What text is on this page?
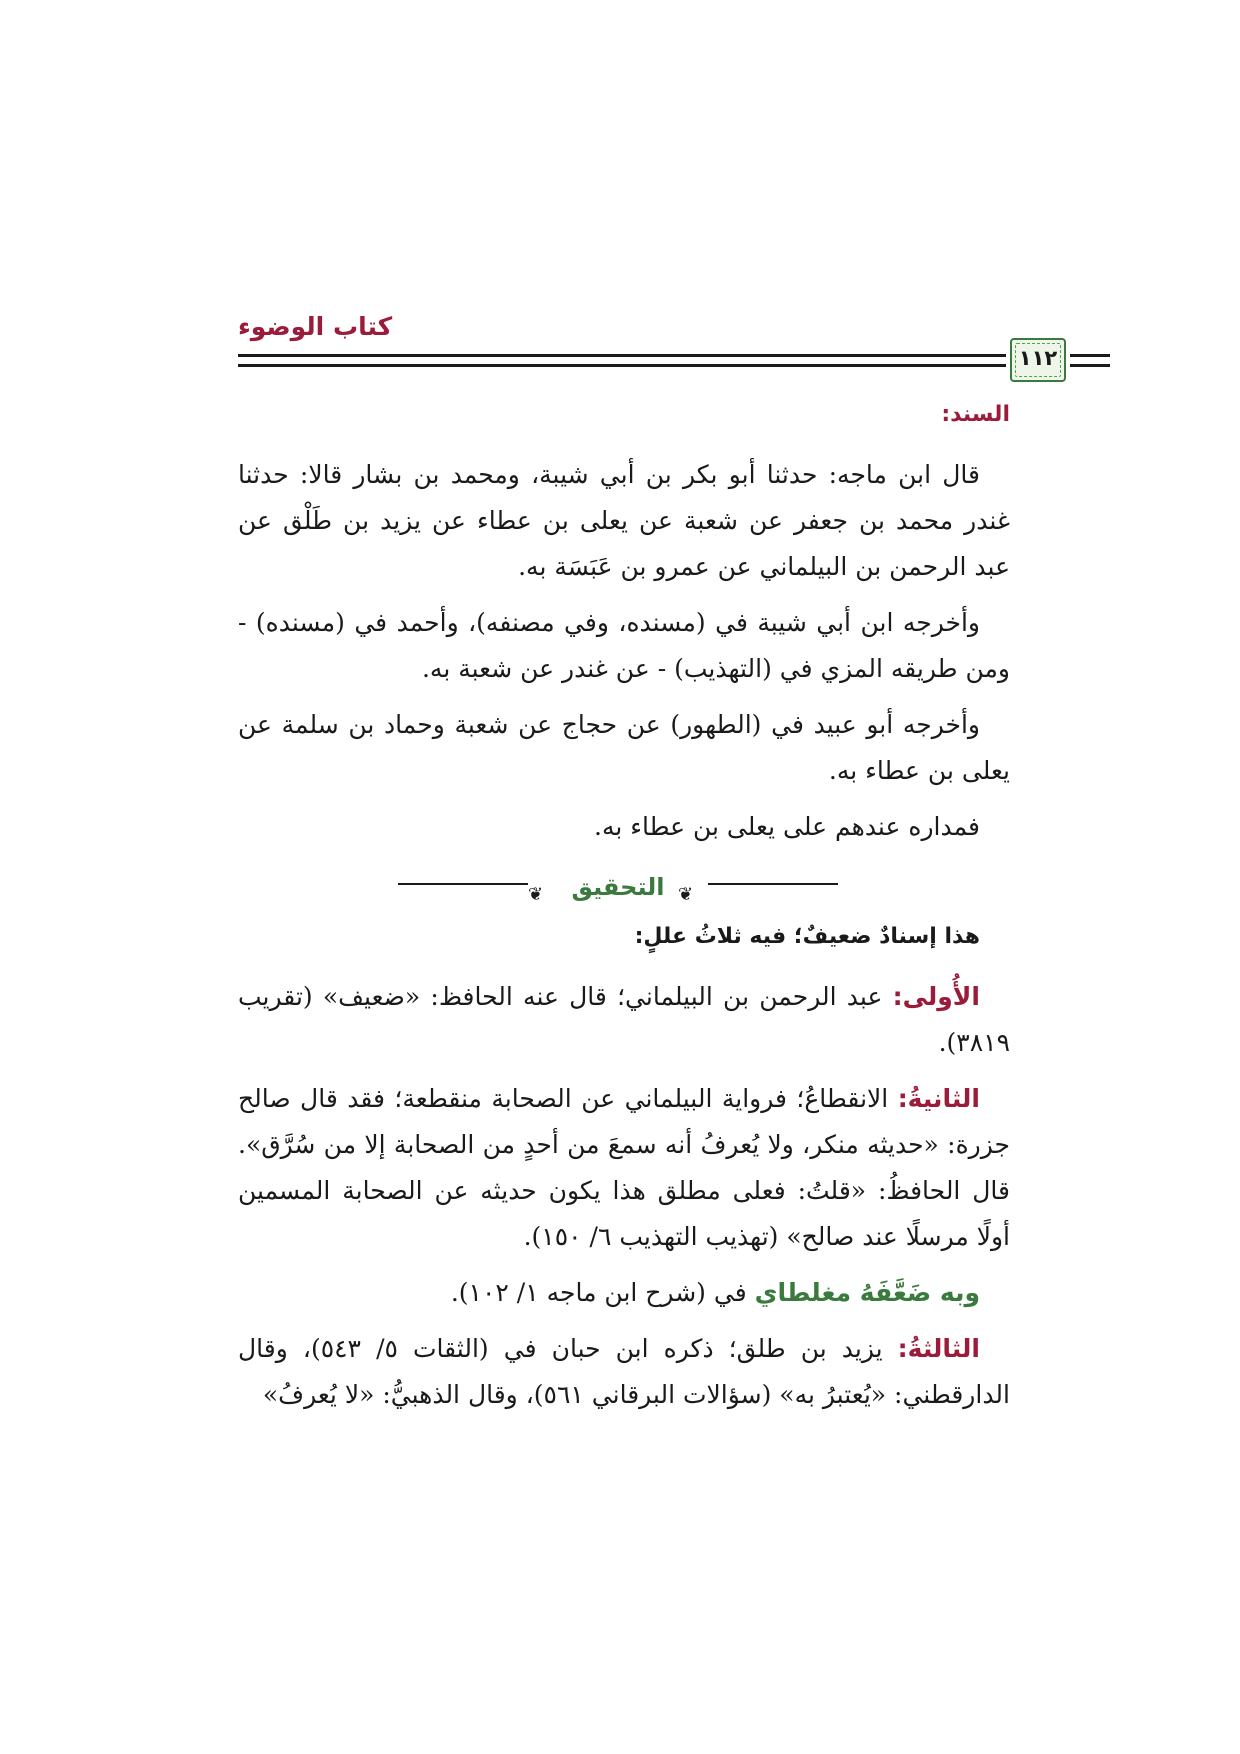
كتاب الوضوء
١١٢
السند:

قال ابن ماجه: حدثنا أبو بكر بن أبي شيبة، ومحمد بن بشار قالا: حدثنا غندر محمد بن جعفر عن شعبة عن يعلى بن عطاء عن يزيد بن طَلْق عن عبد الرحمن بن البيلماني عن عمرو بن عَبَسَة به.

وأخرجه ابن أبي شيبة في (مسنده، وفي مصنفه)، وأحمد في (مسنده) - ومن طريقه المزي في (التهذيب) - عن غندر عن شعبة به.

وأخرجه أبو عبيد في (الطهور) عن حجاج عن شعبة وحماد بن سلمة عن يعلى بن عطاء به.

فمداره عندهم على يعلى بن عطاء به.

❦	التحقيق ❦
هذا إسنادٌ ضعيفٌ؛ فيه ثلاثُ عللٍ:

الأُولى: عبد الرحمن بن البيلماني؛ قال عنه الحافظ: «ضعيف» (تقريب ٣٨١٩).

الثانيةُ: الانقطاعُ؛ فرواية البيلماني عن الصحابة منقطعة؛ فقد قال صالح جزرة: «حديثه منكر، ولا يُعرفُ أنه سمعَ من أحدٍ من الصحابة إلا من سُرَّق». قال الحافظُ: «قلتُ: فعلى مطلق هذا يكون حديثه عن الصحابة المسمين أولًا مرسلًا عند صالح» (تهذيب التهذيب ٦/ ١٥٠).

وبه ضَعَّفَهُ مغلطاي في (شرح ابن ماجه ١/ ١٠٢).

الثالثةُ: يزيد بن طلق؛ ذكره ابن حبان في (الثقات ٥/ ٥٤٣)، وقال الدارقطني: «يُعتبرُ به» (سؤالات البرقاني ٥٦١)، وقال الذهبيُّ: «لا يُعرفُ»
